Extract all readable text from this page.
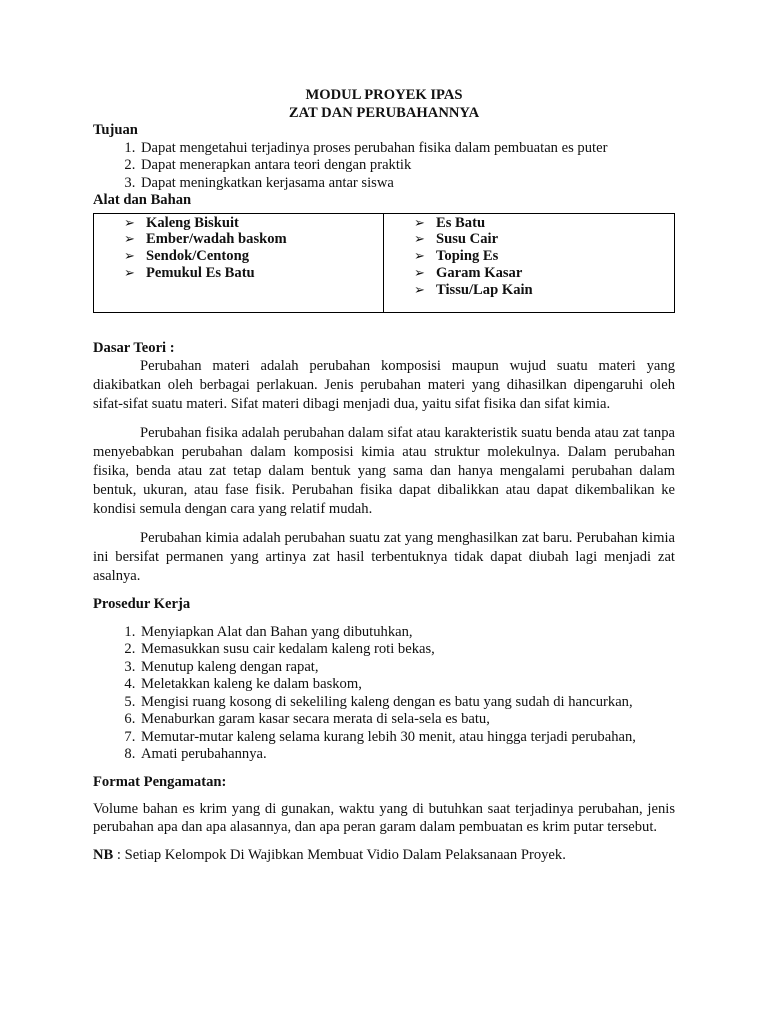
MODUL PROYEK IPAS
ZAT DAN PERUBAHANNYA
Tujuan
1. Dapat mengetahui terjadinya proses perubahan fisika dalam pembuatan es puter
2. Dapat menerapkan antara teori dengan praktik
3. Dapat meningkatkan kerjasama antar siswa
Alat dan Bahan
➢ Kaleng Biskuit
➢ Ember/wadah baskom
➢ Sendok/Centong
➢ Pemukul Es Batu
➢ Es Batu
➢ Susu Cair
➢ Toping Es
➢ Garam Kasar
➢ Tissu/Lap Kain
Dasar Teori :

Perubahan materi adalah perubahan komposisi maupun wujud suatu materi yang diakibatkan oleh berbagai perlakuan. Jenis perubahan materi yang dihasilkan dipengaruhi oleh sifat-sifat suatu materi. Sifat materi dibagi menjadi dua, yaitu sifat fisika dan sifat kimia.

Perubahan fisika adalah perubahan dalam sifat atau karakteristik suatu benda atau zat tanpa menyebabkan perubahan dalam komposisi kimia atau struktur molekulnya. Dalam perubahan fisika, benda atau zat tetap dalam bentuk yang sama dan hanya mengalami perubahan dalam bentuk, ukuran, atau fase fisik. Perubahan fisika dapat dibalikkan atau dapat dikembalikan ke kondisi semula dengan cara yang relatif mudah.

Perubahan kimia adalah perubahan suatu zat yang menghasilkan zat baru. Perubahan kimia ini bersifat permanen yang artinya zat hasil terbentuknya tidak dapat diubah lagi menjadi zat asalnya.

Prosedur Kerja
1. Menyiapkan Alat dan Bahan yang dibutuhkan,
2. Memasukkan susu cair kedalam kaleng roti bekas,
3. Menutup kaleng dengan rapat,
4. Meletakkan kaleng ke dalam baskom,
5. Mengisi ruang kosong di sekeliling kaleng dengan es batu yang sudah di hancurkan,
6. Menaburkan garam kasar secara merata di sela-sela es batu,
7. Memutar-mutar kaleng selama kurang lebih 30 menit, atau hingga terjadi perubahan,
8. Amati perubahannya.
Format Pengamatan:

Volume bahan es krim yang di gunakan, waktu yang di butuhkan saat terjadinya perubahan, jenis perubahan apa dan apa alasannya, dan apa peran garam dalam pembuatan es krim putar tersebut.

NB : Setiap Kelompok Di Wajibkan Membuat Vidio Dalam Pelaksanaan Proyek.
